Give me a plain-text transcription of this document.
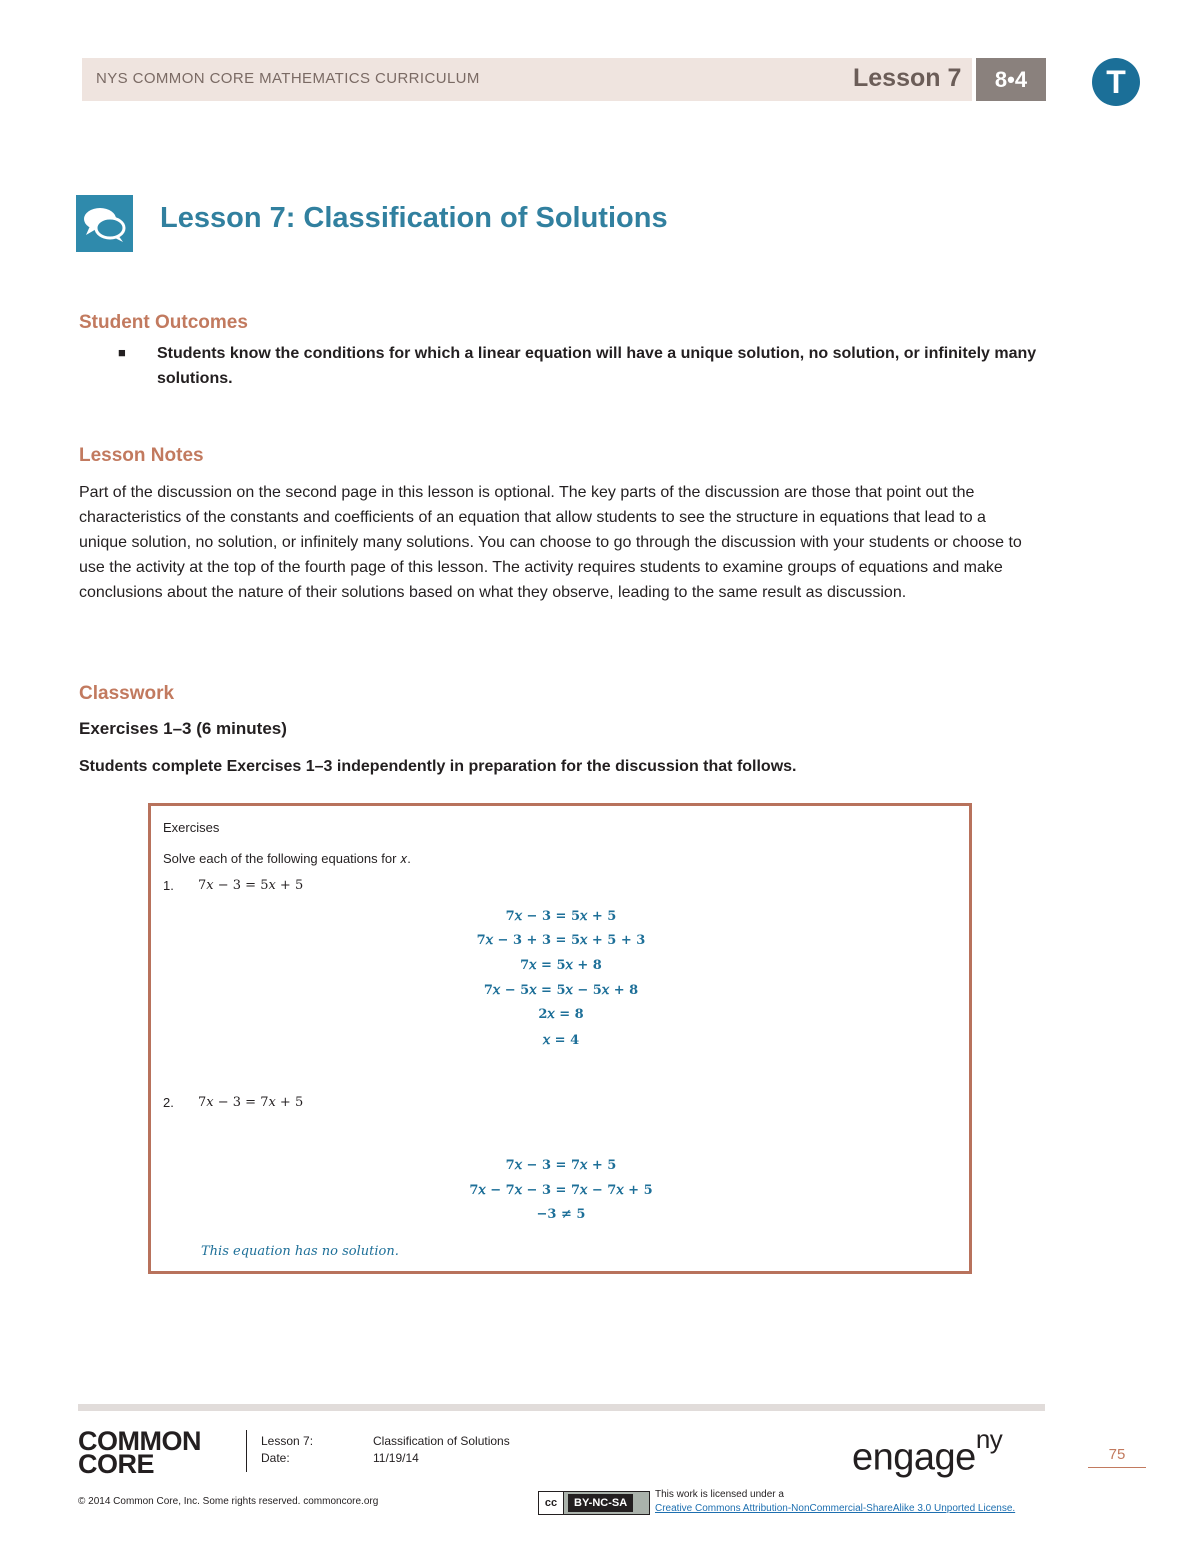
NYS COMMON CORE MATHEMATICS CURRICULUM	Lesson 7	8•4	T
Lesson 7: Classification of Solutions
Student Outcomes
■ Students know the conditions for which a linear equation will have a unique solution, no solution, or infinitely many solutions.
Lesson Notes
Part of the discussion on the second page in this lesson is optional. The key parts of the discussion are those that point out the characteristics of the constants and coefficients of an equation that allow students to see the structure in equations that lead to a unique solution, no solution, or infinitely many solutions. You can choose to go through the discussion with your students or choose to use the activity at the top of the fourth page of this lesson. The activity requires students to examine groups of equations and make conclusions about the nature of their solutions based on what they observe, leading to the same result as discussion.
Classwork
Exercises 1–3 (6 minutes)
Students complete Exercises 1–3 independently in preparation for the discussion that follows.
Exercises
Solve each of the following equations for 𝑥.
1. 7𝑥 − 3 = 5𝑥 + 5
7𝑥 − 3 = 5𝑥 + 5
7𝑥 − 3 + 3 = 5𝑥 + 5 + 3
7𝑥 = 5𝑥 + 8
7𝑥 − 5𝑥 = 5𝑥 − 5𝑥 + 8
2𝑥 = 8
𝑥 = 4
2. 7𝑥 − 3 = 7𝑥 + 5
7𝑥 − 3 = 7𝑥 + 5
7𝑥 − 7𝑥 − 3 = 7𝑥 − 7𝑥 + 5
−3 ≠ 5
This equation has no solution.
COMMON
CORE
Lesson 7:	Classification of Solutions
Date:	11/19/14	engage$^{ny}$
75
© 2014 Common Core, Inc. Some rights reserved. commoncore.org	cc BY-NC-SA
This work is licensed under a
Creative Commons Attribution-NonCommercial-ShareAlike 3.0 Unported License.
